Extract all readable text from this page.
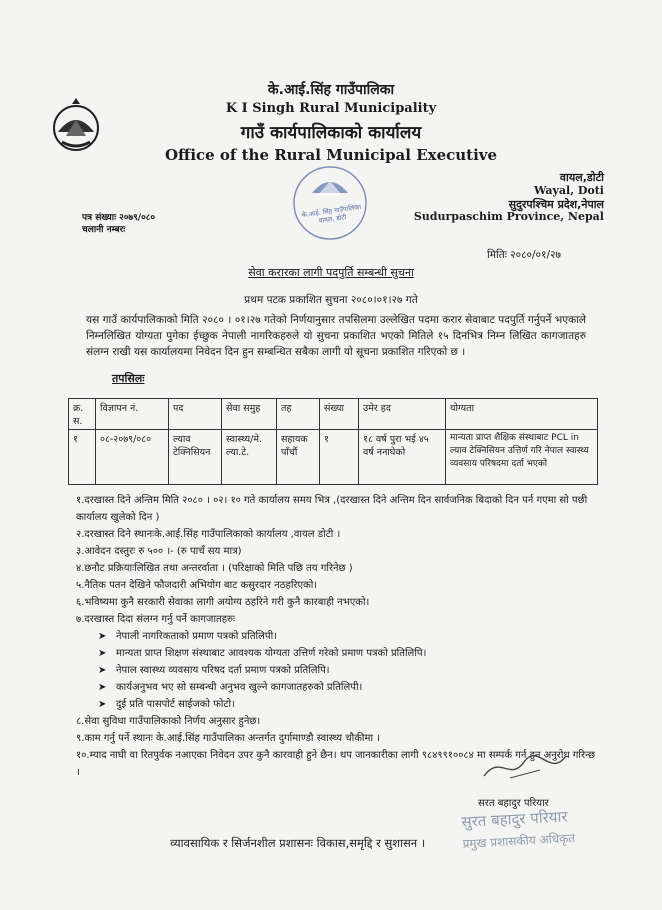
के.आई.सिंह गाउँपालिका
K I Singh Rural Municipality
गाउँ कार्यपालिकाको कार्यालय
Office of the Rural Municipal Executive
वायल,डोटी
Wayal, Doti
सुदुरपश्चिम प्रदेश,नेपाल
Sudurpaschim Province, Nepal
के.आई. सिंह गाउँपालिका वायल, डोटी
पत्र संख्याः २०७९/०८०
चलानी नम्बरः
मितिः २०८०/०१/२७
सेवा करारका लागी पदपुर्ति सम्बन्धी सुचना
प्रथम पटक प्रकाशित सुचना २०८०।०१।२७ गते
यस गाउँ कार्यपालिकाको मिति २०८० । ०१।२७ गतेको निर्णयानुसार तपसिलमा उल्लेखित पदमा करार सेवाबाट पदपुर्ति गर्नुपर्ने भएकाले निम्नलिखित योग्यता पुगेका ईच्छुक नेपाली नागरिकहरुले यो सुचना प्रकाशित भएको मितिले १५ दिनभित्र निम्न लिखित कागजातहरु संलग्न राखी यस कार्यालयमा निवेदन दिन हुन सम्बन्धित सबैका लागी यो सूचना प्रकाशित गरिएको छ ।
तपसिलः
क्र. स.	विज्ञापन नं.	पद	सेवा समुह	तह	संख्या	उमेर हद	योग्यता
१	०८-२०७९/०८०	ल्याव टेक्निसियन	स्वास्थ्य/मे. ल्या.टे.	सहायक पाँचौं	१	१८ वर्ष पुरा भई ४५ वर्ष ननाघेको	मान्यता प्राप्त शैक्षिक संस्थाबाट PCL in ल्याव टेक्निसियन उत्तिर्ण गरि नेपाल स्वास्थ्य व्यवसाय परिषदमा दर्ता भएको
१.दरखास्त दिने अन्तिम मिति २०८० । ०२। १० गते कार्यालय समय भित्र ,(दरखास्त दिने अन्तिम दिन सार्वजनिक बिदाको दिन पर्न गएमा सो पछी कार्यालय खुलेको दिन )
२.दरखास्त दिने स्थानःके.आई.सिंह गाउँपालिकाको कार्यालय ,वायल डोटी ।
३.आवेदन दस्तुरः रु ५०० ।- (रु पाचँ सय मात्र)
४.छनौट प्रक्रियाःलिखित तथा अन्तरर्वाता । (परिक्षाको मिति पछि तय गरिनेछ )
५.नैतिक पतन देखिने फौजदारी अभियोग बाट कसुरदार नठहरिएको।
६.भविष्यमा कुनै सरकारी सेवाका लागी अयोग्य ठहरिने गरी कुनै कारबाही नभएको।
७.दरखास्त दिदा संलग्न गर्नु पर्ने कागजातहरुः
➤ नेपाली नागरिकताको प्रमाण पत्रको प्रतिलिपी।
➤ मान्यता प्राप्त शिक्षण संस्थाबाट आवश्यक योग्यता उत्तिर्ण गरेको प्रमाण पत्रको प्रतिलिपि।
➤ नेपाल स्वास्थ्य व्यवसाय परिषद दर्ता प्रमाण पत्रको प्रतिलिपि।
➤ कार्यअनुभव भए सो सम्बन्धी अनुभव खुल्ने कागजातहरुको प्रतिलिपी।
➤ दुई प्रति पासपोर्ट साईजको फोटो।
८.सेवा सुविधा गाउँपालिकाको निर्णय अनुसार हुनेछ।
९.काम गर्नु पर्ने स्थानः के.आई.सिंह गाउँपालिका अन्तर्गत दुर्गामाण्डौ स्वास्थ्य चौकीमा ।
१०.म्याद नाघी वा रितपुर्वक नआएका निवेदन उपर कुनै कारवाही हुने छैन। थप जानकारीका लागी ९८४९९१००८४ मा सम्पर्क गर्न हुन अनुरोध गरिन्छ ।
सरत बहादुर परियार
सुरत बहादुर परियार
प्रमुख प्रशासकीय अधिकृत
व्यावसायिक र सिर्जनशील प्रशासनः विकास,समृद्दि र सुशासन ।
